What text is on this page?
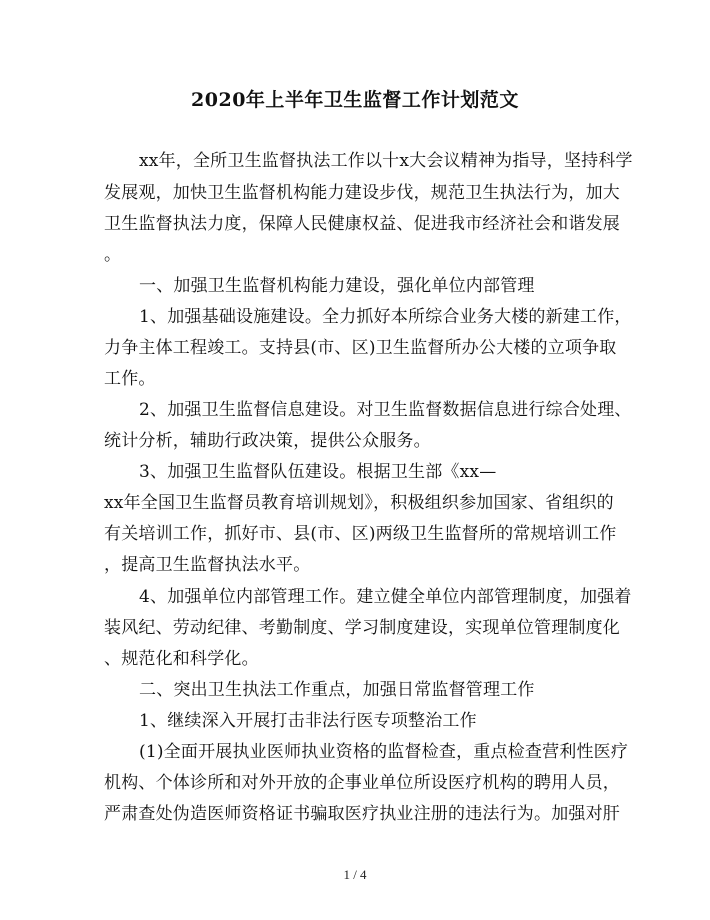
2020年上半年卫生监督工作计划范文
xx年，全所卫生监督执法工作以十x大会议精神为指导，坚持科学
发展观，加快卫生监督机构能力建设步伐，规范卫生执法行为，加大
卫生监督执法力度，保障人民健康权益、促进我市经济社会和谐发展
。
一、加强卫生监督机构能力建设，强化单位内部管理
1、加强基础设施建设。全力抓好本所综合业务大楼的新建工作，
力争主体工程竣工。支持县(市、区)卫生监督所办公大楼的立项争取
工作。
2、加强卫生监督信息建设。对卫生监督数据信息进行综合处理、
统计分析，辅助行政决策，提供公众服务。
3、加强卫生监督队伍建设。根据卫生部《xx—
xx年全国卫生监督员教育培训规划》，积极组织参加国家、省组织的
有关培训工作，抓好市、县(市、区)两级卫生监督所的常规培训工作
，提高卫生监督执法水平。
4、加强单位内部管理工作。建立健全单位内部管理制度，加强着
装风纪、劳动纪律、考勤制度、学习制度建设，实现单位管理制度化
、规范化和科学化。
二、突出卫生执法工作重点，加强日常监督管理工作
1、继续深入开展打击非法行医专项整治工作
(1)全面开展执业医师执业资格的监督检查，重点检查营利性医疗
机构、个体诊所和对外开放的企事业单位所设医疗机构的聘用人员，
严肃查处伪造医师资格证书骗取医疗执业注册的违法行为。加强对肝
1 / 4
